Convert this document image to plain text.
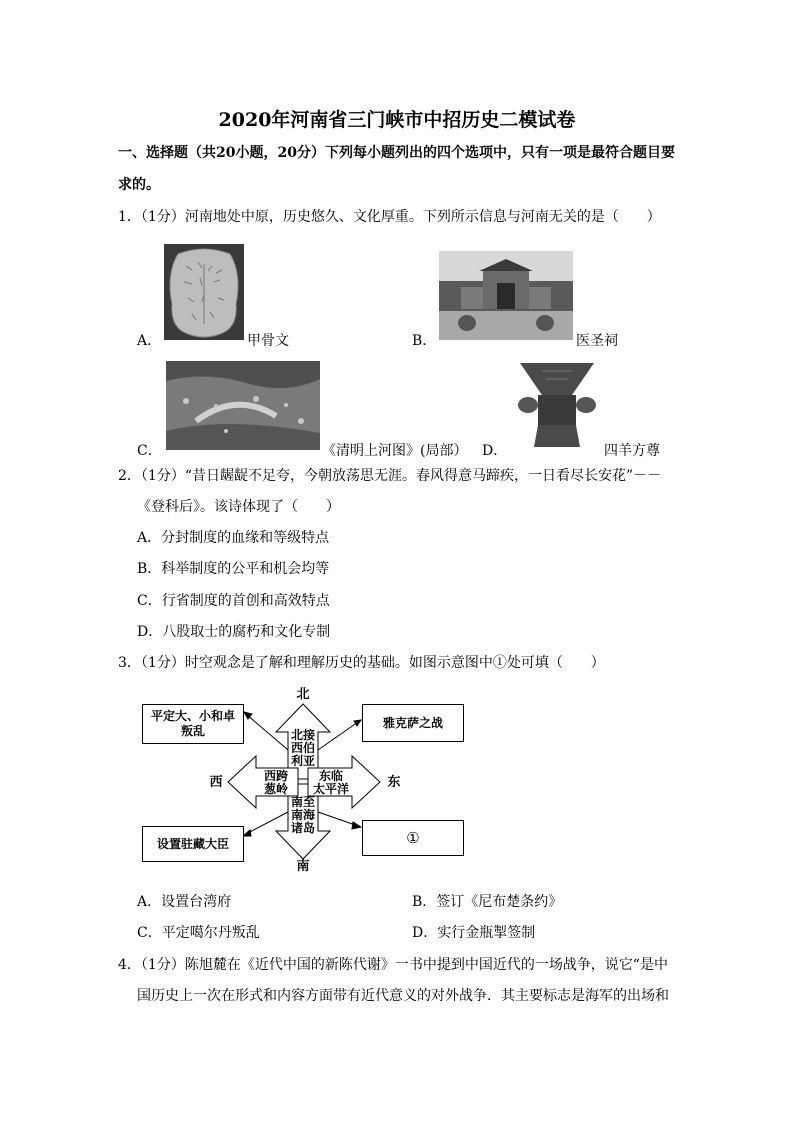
2020年河南省三门峡市中招历史二模试卷
一、选择题（共20小题，20分）下列每小题列出的四个选项中，只有一项是最符合题目要
求的。
1．（1分）河南地处中原，历史悠久、文化厚重。下列所示信息与河南无关的是（　　）
A．	甲骨文	B．	医圣祠
C．	《清明上河图》(局部） D．	四羊方尊
2．（1分）“昔日龌龊不足夸，今朝放荡思无涯。春风得意马蹄疾，一日看尽长安花”－－
《登科后》。该诗体现了（　　）
A．分封制度的血缘和等级特点
B．科举制度的公平和机会均等
C．行省制度的首创和高效特点
D．八股取士的腐朽和文化专制
3．（1分）时空观念是了解和理解历史的基础。如图示意图中①处可填（　　）
北
南
西	东
北接
西伯
利亚
西跨
葱岭
东临
太平洋
南至
南海
诸岛
平定大、小和卓
叛乱
雅克萨之战
设置驻藏大臣	①
A．设置台湾府	B．签订《尼布楚条约》
C．平定噶尔丹叛乱	D．实行金瓶掣签制
4．（1分）陈旭麓在《近代中国的新陈代谢》一书中提到中国近代的一场战争，说它“是中
国历史上一次在形式和内容方面带有近代意义的对外战争．其主要标志是海军的出场和
